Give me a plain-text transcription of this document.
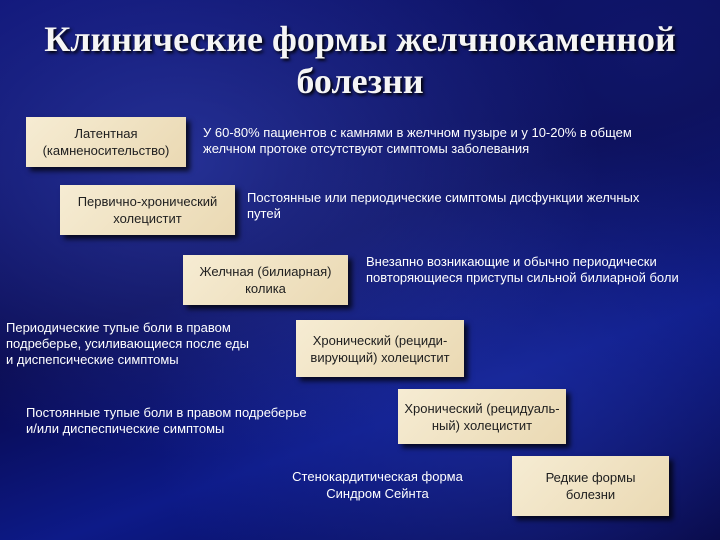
Клинические формы желчнокаменной болезни
Латентная
(камненосительство)
У 60-80% пациентов с камнями в желчном пузыре и у 10-20% в общем
желчном протоке отсутствуют симптомы заболевания
Первично-хронический
холецистит
Постоянные или периодические симптомы дисфункции желчных
путей
Желчная (билиарная)
колика
Внезапно возникающие и обычно периодически
повторяющиеся приступы сильной билиарной боли
Периодические тупые боли в правом
подреберье, усиливающиеся после еды
и диспепсические симптомы
Хронический (рециди-
вирующий) холецистит
Постоянные тупые боли в правом подреберье
и/или диспеспические симптомы
Хронический (рецидуаль-
ный) холецистит
Стенокардитическая форма
Синдром Сейнта
Редкие формы
болезни
